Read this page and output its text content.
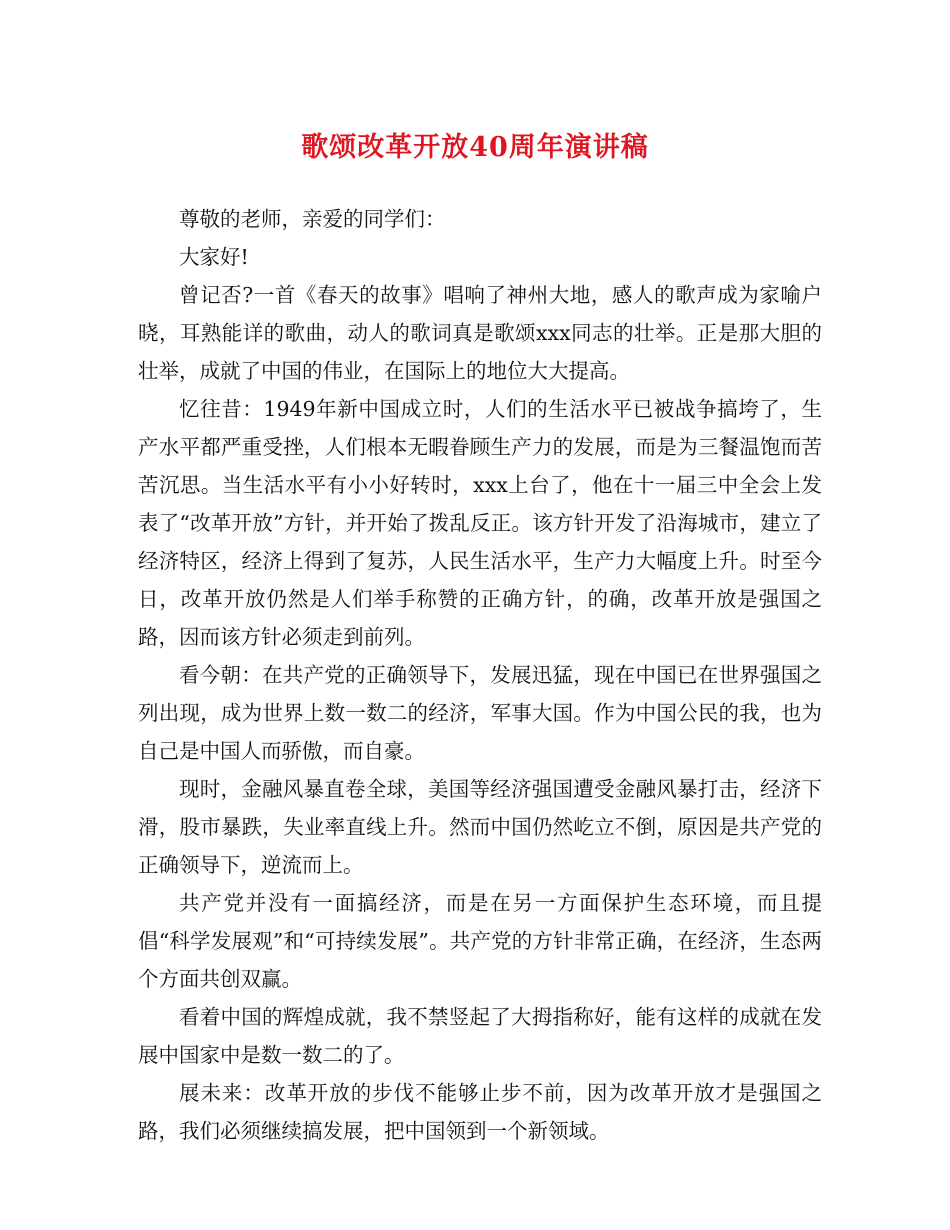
歌颂改革开放40周年演讲稿

尊敬的老师，亲爱的同学们：

大家好!

曾记否?一首《春天的故事》唱响了神州大地，感人的歌声成为家喻户晓，耳熟能详的歌曲，动人的歌词真是歌颂xxx同志的壮举。正是那大胆的壮举，成就了中国的伟业，在国际上的地位大大提高。

忆往昔：1949年新中国成立时，人们的生活水平已被战争搞垮了，生产水平都严重受挫，人们根本无暇眷顾生产力的发展，而是为三餐温饱而苦苦沉思。当生活水平有小小好转时，xxx上台了，他在十一届三中全会上发表了“改革开放”方针，并开始了拨乱反正。该方针开发了沿海城市，建立了经济特区，经济上得到了复苏，人民生活水平，生产力大幅度上升。时至今日，改革开放仍然是人们举手称赞的正确方针，的确，改革开放是强国之路，因而该方针必须走到前列。

看今朝：在共产党的正确领导下，发展迅猛，现在中国已在世界强国之列出现，成为世界上数一数二的经济，军事大国。作为中国公民的我，也为自己是中国人而骄傲，而自豪。

现时，金融风暴直卷全球，美国等经济强国遭受金融风暴打击，经济下滑，股市暴跌，失业率直线上升。然而中国仍然屹立不倒，原因是共产党的正确领导下，逆流而上。

共产党并没有一面搞经济，而是在另一方面保护生态环境，而且提倡“科学发展观”和“可持续发展”。共产党的方针非常正确，在经济，生态两个方面共创双赢。

看着中国的辉煌成就，我不禁竖起了大拇指称好，能有这样的成就在发展中国家中是数一数二的了。

展未来：改革开放的步伐不能够止步不前，因为改革开放才是强国之路，我们必须继续搞发展，把中国领到一个新领域。
